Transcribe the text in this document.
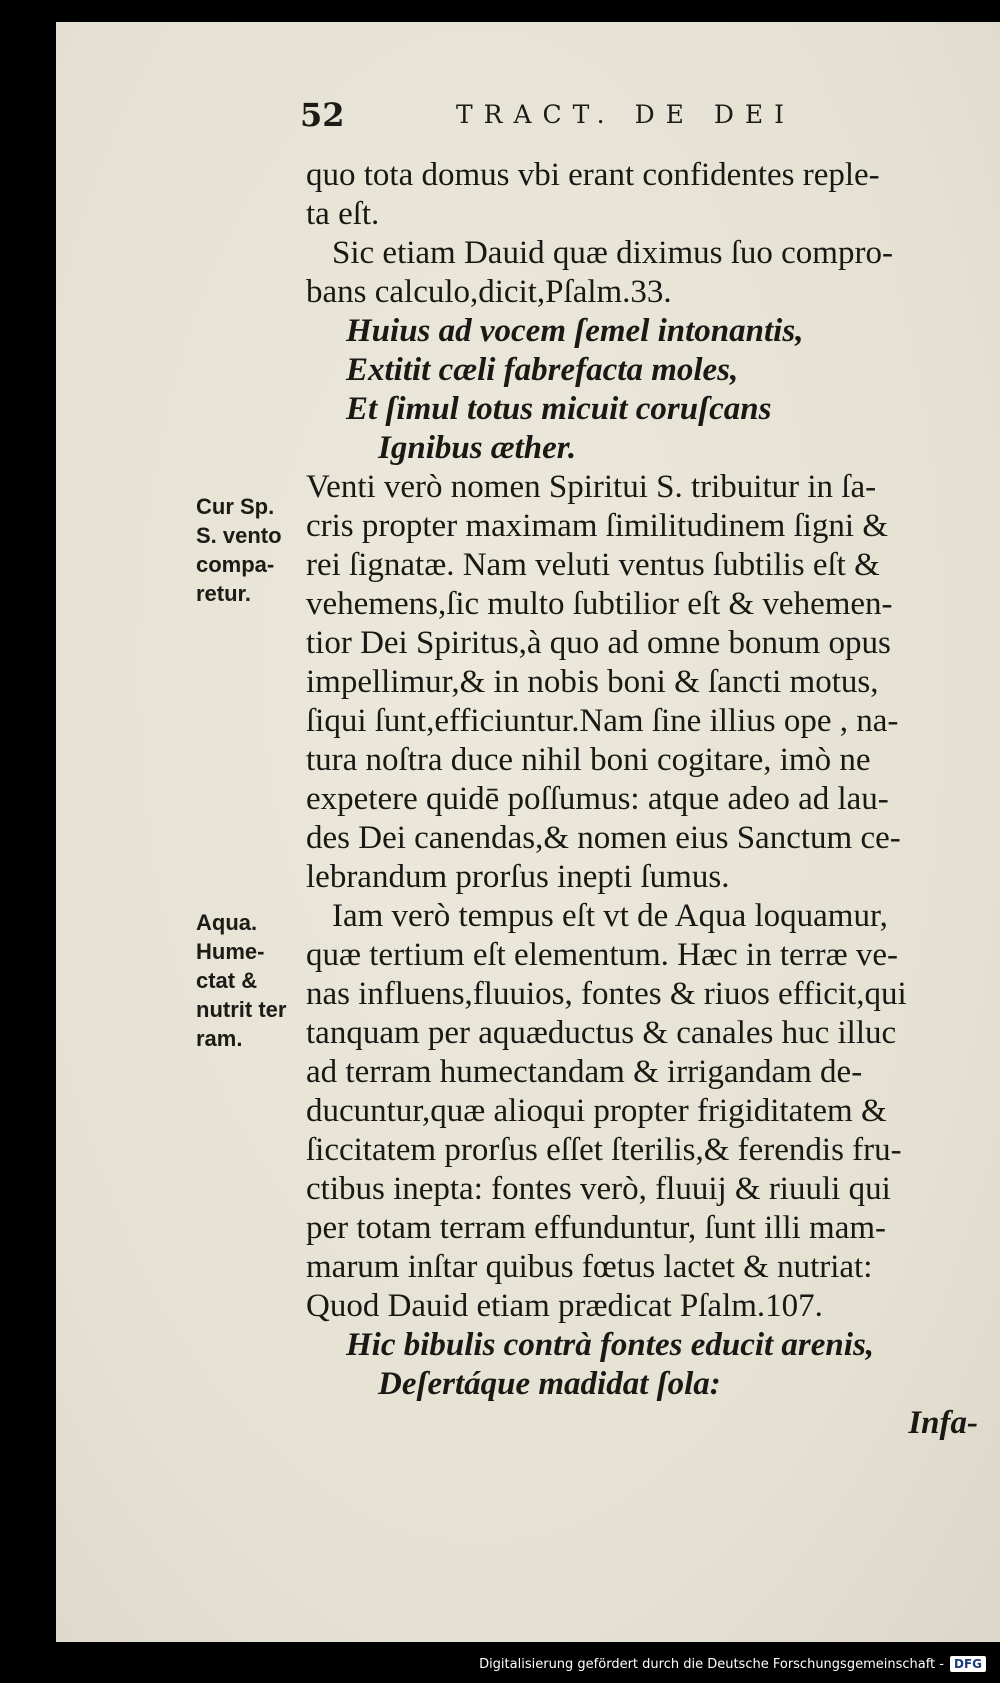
52	TRACT. DE DEI
Cur Sp.
S. vento
compa-
retur.
Aqua.
Hume-
ctat &
nutrit ter
ram.
quo tota domus vbi erant confidentes reple-
ta eſt.
Sic etiam Dauid quæ diximus ſuo compro-
bans calculo,dicit,Pſalm.33.
Huius ad vocem ſemel intonantis,
Extitit cæli fabrefacta moles,
Et ſimul totus micuit coruſcans
Ignibus æther.
Venti verò nomen Spiritui S. tribuitur in ſa-
cris propter maximam ſimilitudinem ſigni &
rei ſignatæ. Nam veluti ventus ſubtilis eſt &
vehemens,ſic multo ſubtilior eſt & vehemen-
tior Dei Spiritus,à quo ad omne bonum opus
impellimur,& in nobis boni & ſancti motus,
ſiqui ſunt,efficiuntur.Nam ſine illius ope , na-
tura noſtra duce nihil boni cogitare, imò ne
expetere quidē poſſumus: atque adeo ad lau-
des Dei canendas,& nomen eius Sanctum ce-
lebrandum prorſus inepti ſumus.
Iam verò tempus eſt vt de Aqua loquamur,
quæ tertium eſt elementum. Hæc in terræ ve-
nas influens,fluuios, fontes & riuos efficit,qui
tanquam per aquæductus & canales huc illuc
ad terram humectandam & irrigandam de-
ducuntur,quæ alioqui propter frigiditatem &
ſiccitatem prorſus eſſet ſterilis,& ferendis fru-
ctibus inepta: fontes verò, fluuij & riuuli qui
per totam terram effunduntur, ſunt illi mam-
marum inſtar quibus fœtus lactet & nutriat:
Quod Dauid etiam prædicat Pſalm.107.
Hic bibulis contrà fontes educit arenis,
Deſertáque madidat ſola:
Infa-
Digitalisierung gefördert durch die Deutsche Forschungsgemeinschaft - DFG
